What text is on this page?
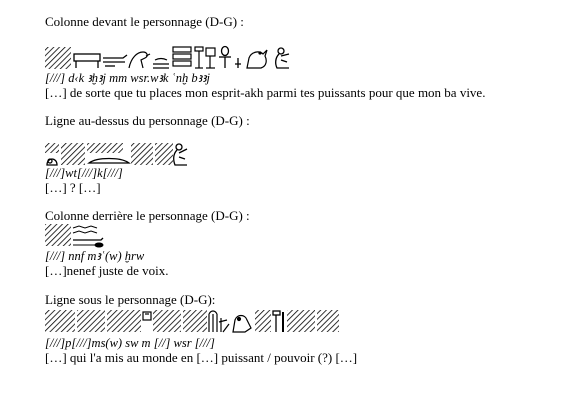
Colonne devant le personnage (D-G) :
[///] d‹k ꜣḫꜣj mm wsr.wꜣk ʿnḫ bꜣꜣj
[…] de sorte que tu places mon esprit-akh parmi tes puissants pour que mon ba vive.
Ligne au-dessus du personnage (D-G) :
[///]wt[///]k[///]
[…] ? […]
Colonne derrière le personnage (D-G) :
[///] nnf mꜣʿ(w) ḫrw
[…]nenef juste de voix.
Ligne sous le personnage (D-G):
[///]p[///]ms(w) sw m [//] wsr [///]
[…] qui l'a mis au monde en […] puissant / pouvoir (?) […]
